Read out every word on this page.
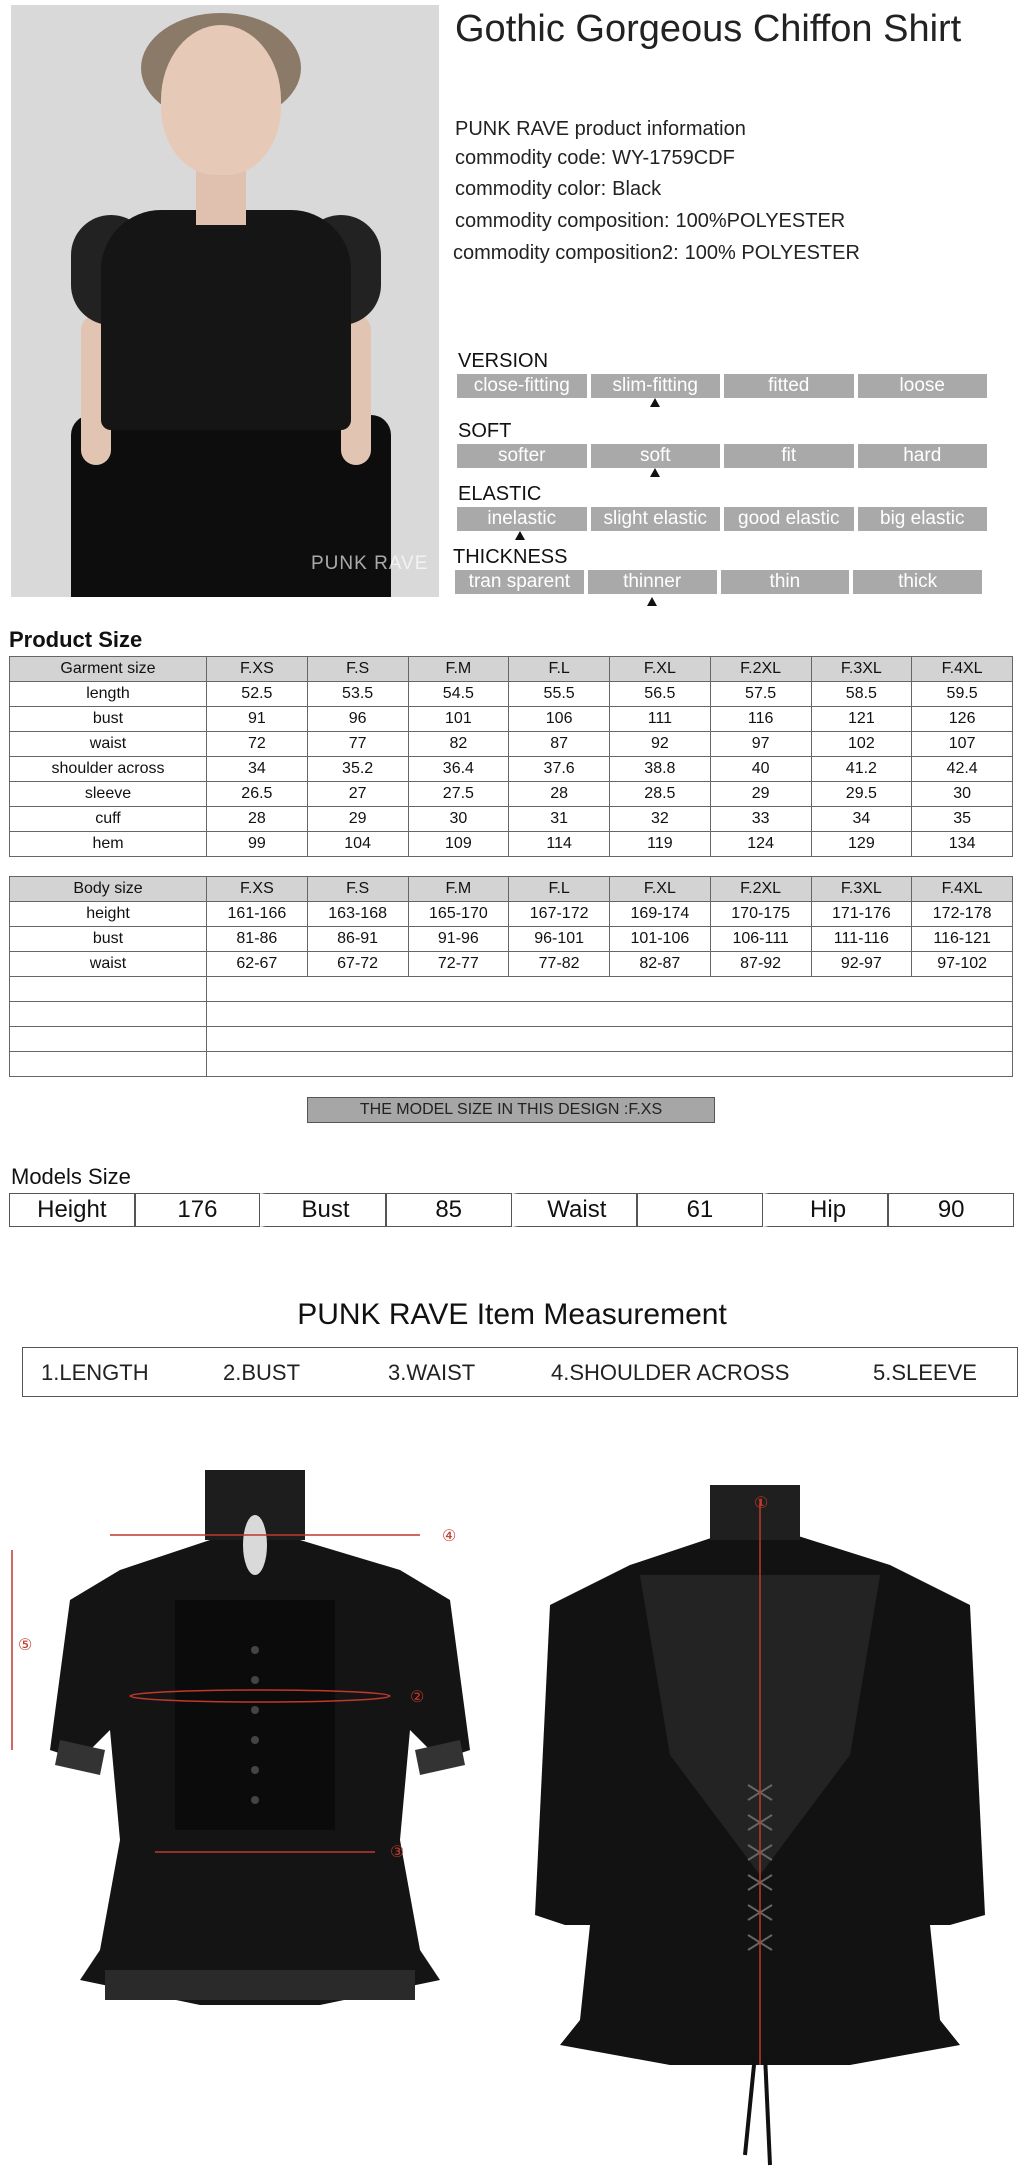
PUNK RAVE
Gothic Gorgeous Chiffon Shirt
PUNK RAVE product information
commodity code: WY-1759CDF
commodity color: Black
commodity composition: 100%POLYESTER
commodity composition2: 100% POLYESTER
VERSION
close-fitting	slim-fitting	fitted	loose
SOFT
softer	soft	fit	hard
ELASTIC
inelastic	slight elastic	good elastic	big elastic
THICKNESS
tran sparent	thinner	thin	thick
Product Size
Garment size	F.XS	F.S	F.M	F.L	F.XL	F.2XL	F.3XL	F.4XL
length	52.5	53.5	54.5	55.5	56.5	57.5	58.5	59.5
bust	91	96	101	106	111	116	121	126
waist	72	77	82	87	92	97	102	107
shoulder across	34	35.2	36.4	37.6	38.8	40	41.2	42.4
sleeve	26.5	27	27.5	28	28.5	29	29.5	30
cuff	28	29	30	31	32	33	34	35
hem	99	104	109	114	119	124	129	134
Body size	F.XS	F.S	F.M	F.L	F.XL	F.2XL	F.3XL	F.4XL
height	161-166	163-168	165-170	167-172	169-174	170-175	171-176	172-178
bust	81-86	86-91	91-96	96-101	101-106	106-111	111-116	116-121
waist	62-67	67-72	72-77	77-82	82-87	87-92	92-97	97-102

THE MODEL SIZE IN THIS DESIGN :F.XS
Models Size
Height	176	Bust	85	Waist	61	Hip	90
PUNK RAVE Item Measurement
1.LENGTH	2.BUST	3.WAIST	4.SHOULDER ACROSS	5.SLEEVE
④
⑤
②
③
①
